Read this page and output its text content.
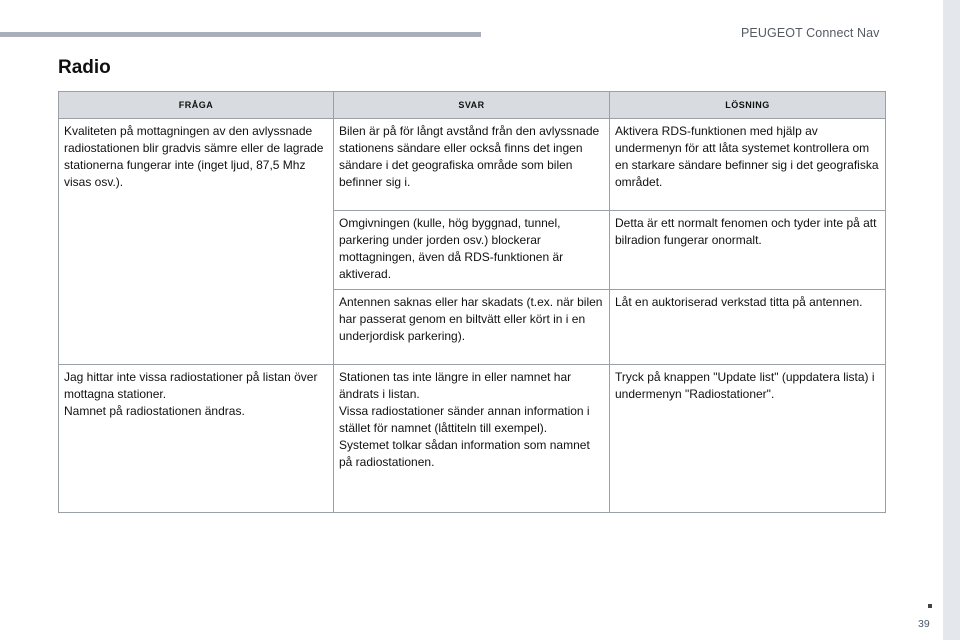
PEUGEOT Connect Nav
39
Radio
FRÅGA	SVAR	LÖSNING

Kvaliteten på mottagningen av den avlyssnade radiostationen blir gradvis sämre eller de lagrade stationerna fungerar inte (inget ljud, 87,5 Mhz visas osv.).	Bilen är på för långt avstånd från den avlyssnade stationens sändare eller också finns det ingen sändare i det geografiska område som bilen befinner sig i.	Aktivera RDS-funktionen med hjälp av undermenyn för att låta systemet kontrollera om en starkare sändare befinner sig i det geografiska området.

	Omgivningen (kulle, hög byggnad, tunnel, parkering under jorden osv.) blockerar mottagningen, även då RDS-funktionen är aktiverad.	Detta är ett normalt fenomen och tyder inte på att bilradion fungerar onormalt.

	Antennen saknas eller har skadats (t.ex. när bilen har passerat genom en biltvätt eller kört in i en underjordisk parkering).	Låt en auktoriserad verkstad titta på antennen.

Jag hittar inte vissa radiostationer på listan över mottagna stationer.
Namnet på radiostationen ändras.	Stationen tas inte längre in eller namnet har ändrats i listan.
Vissa radiostationer sänder annan information i stället för namnet (låttiteln till exempel).
Systemet tolkar sådan information som namnet på radiostationen.	Tryck på knappen "Update list" (uppdatera lista) i undermenyn "Radiostationer".
